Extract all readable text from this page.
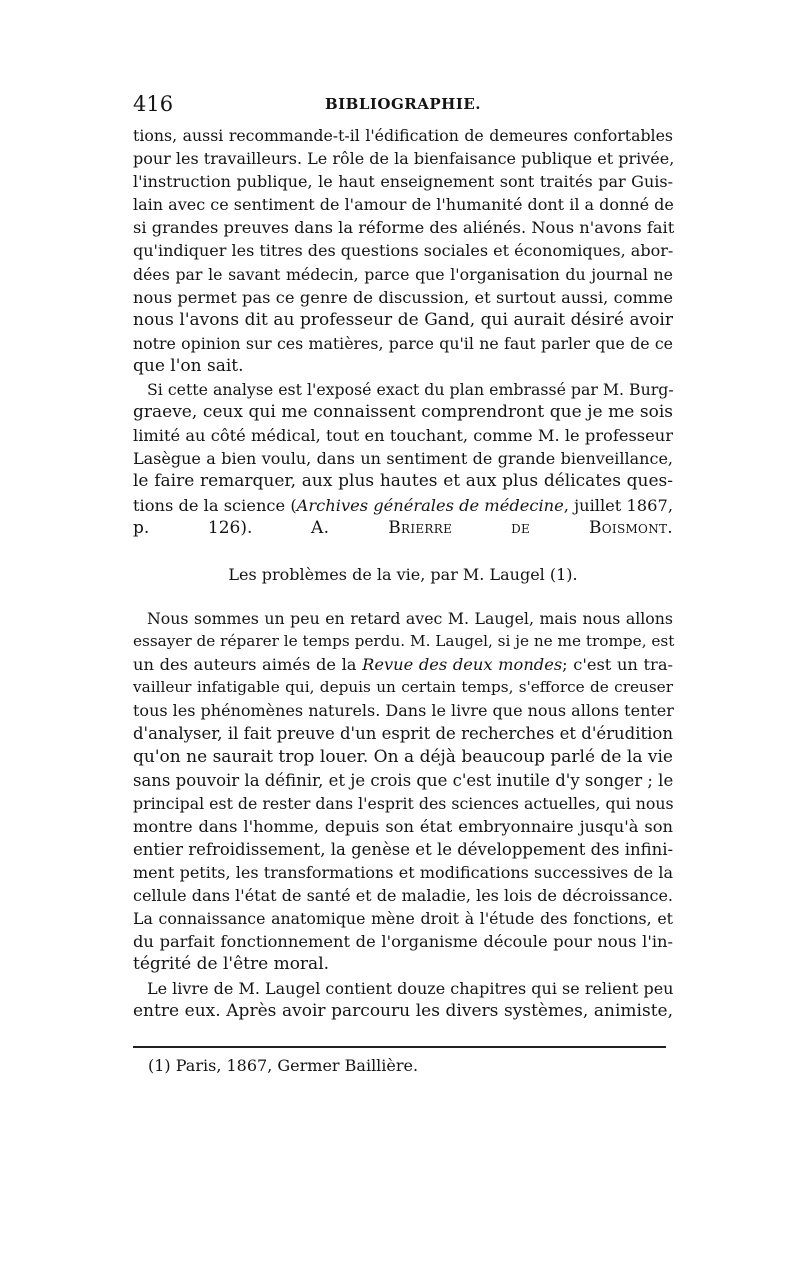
416	BIBLIOGRAPHIE.
tions, aussi recommande-t-il l'édification de demeures confortables
pour les travailleurs. Le rôle de la bienfaisance publique et privée,
l'instruction publique, le haut enseignement sont traités par Guis-
lain avec ce sentiment de l'amour de l'humanité dont il a donné de
si grandes preuves dans la réforme des aliénés. Nous n'avons fait
qu'indiquer les titres des questions sociales et économiques, abor-
dées par le savant médecin, parce que l'organisation du journal ne
nous permet pas ce genre de discussion, et surtout aussi, comme
nous l'avons dit au professeur de Gand, qui aurait désiré avoir
notre opinion sur ces matières, parce qu'il ne faut parler que de ce
que l'on sait.
Si cette analyse est l'exposé exact du plan embrassé par M. Burg-
graeve, ceux qui me connaissent comprendront que je me sois
limité au côté médical, tout en touchant, comme M. le professeur
Lasègue a bien voulu, dans un sentiment de grande bienveillance,
le faire remarquer, aux plus hautes et aux plus délicates ques-
tions de la science (Archives générales de médecine, juillet 1867,
p. 126).	A. Brierre de Boismont.
Les problèmes de la vie, par M. Laugel (1).
Nous sommes un peu en retard avec M. Laugel, mais nous allons
essayer de réparer le temps perdu. M. Laugel, si je ne me trompe, est
un des auteurs aimés de la Revue des deux mondes; c'est un tra-
vailleur infatigable qui, depuis un certain temps, s'efforce de creuser
tous les phénomènes naturels. Dans le livre que nous allons tenter
d'analyser, il fait preuve d'un esprit de recherches et d'érudition
qu'on ne saurait trop louer. On a déjà beaucoup parlé de la vie
sans pouvoir la définir, et je crois que c'est inutile d'y songer ; le
principal est de rester dans l'esprit des sciences actuelles, qui nous
montre dans l'homme, depuis son état embryonnaire jusqu'à son
entier refroidissement, la genèse et le développement des infini-
ment petits, les transformations et modifications successives de la
cellule dans l'état de santé et de maladie, les lois de décroissance.
La connaissance anatomique mène droit à l'étude des fonctions, et
du parfait fonctionnement de l'organisme découle pour nous l'in-
tégrité de l'être moral.
Le livre de M. Laugel contient douze chapitres qui se relient peu
entre eux. Après avoir parcouru les divers systèmes, animiste,
(1) Paris, 1867, Germer Baillière.
